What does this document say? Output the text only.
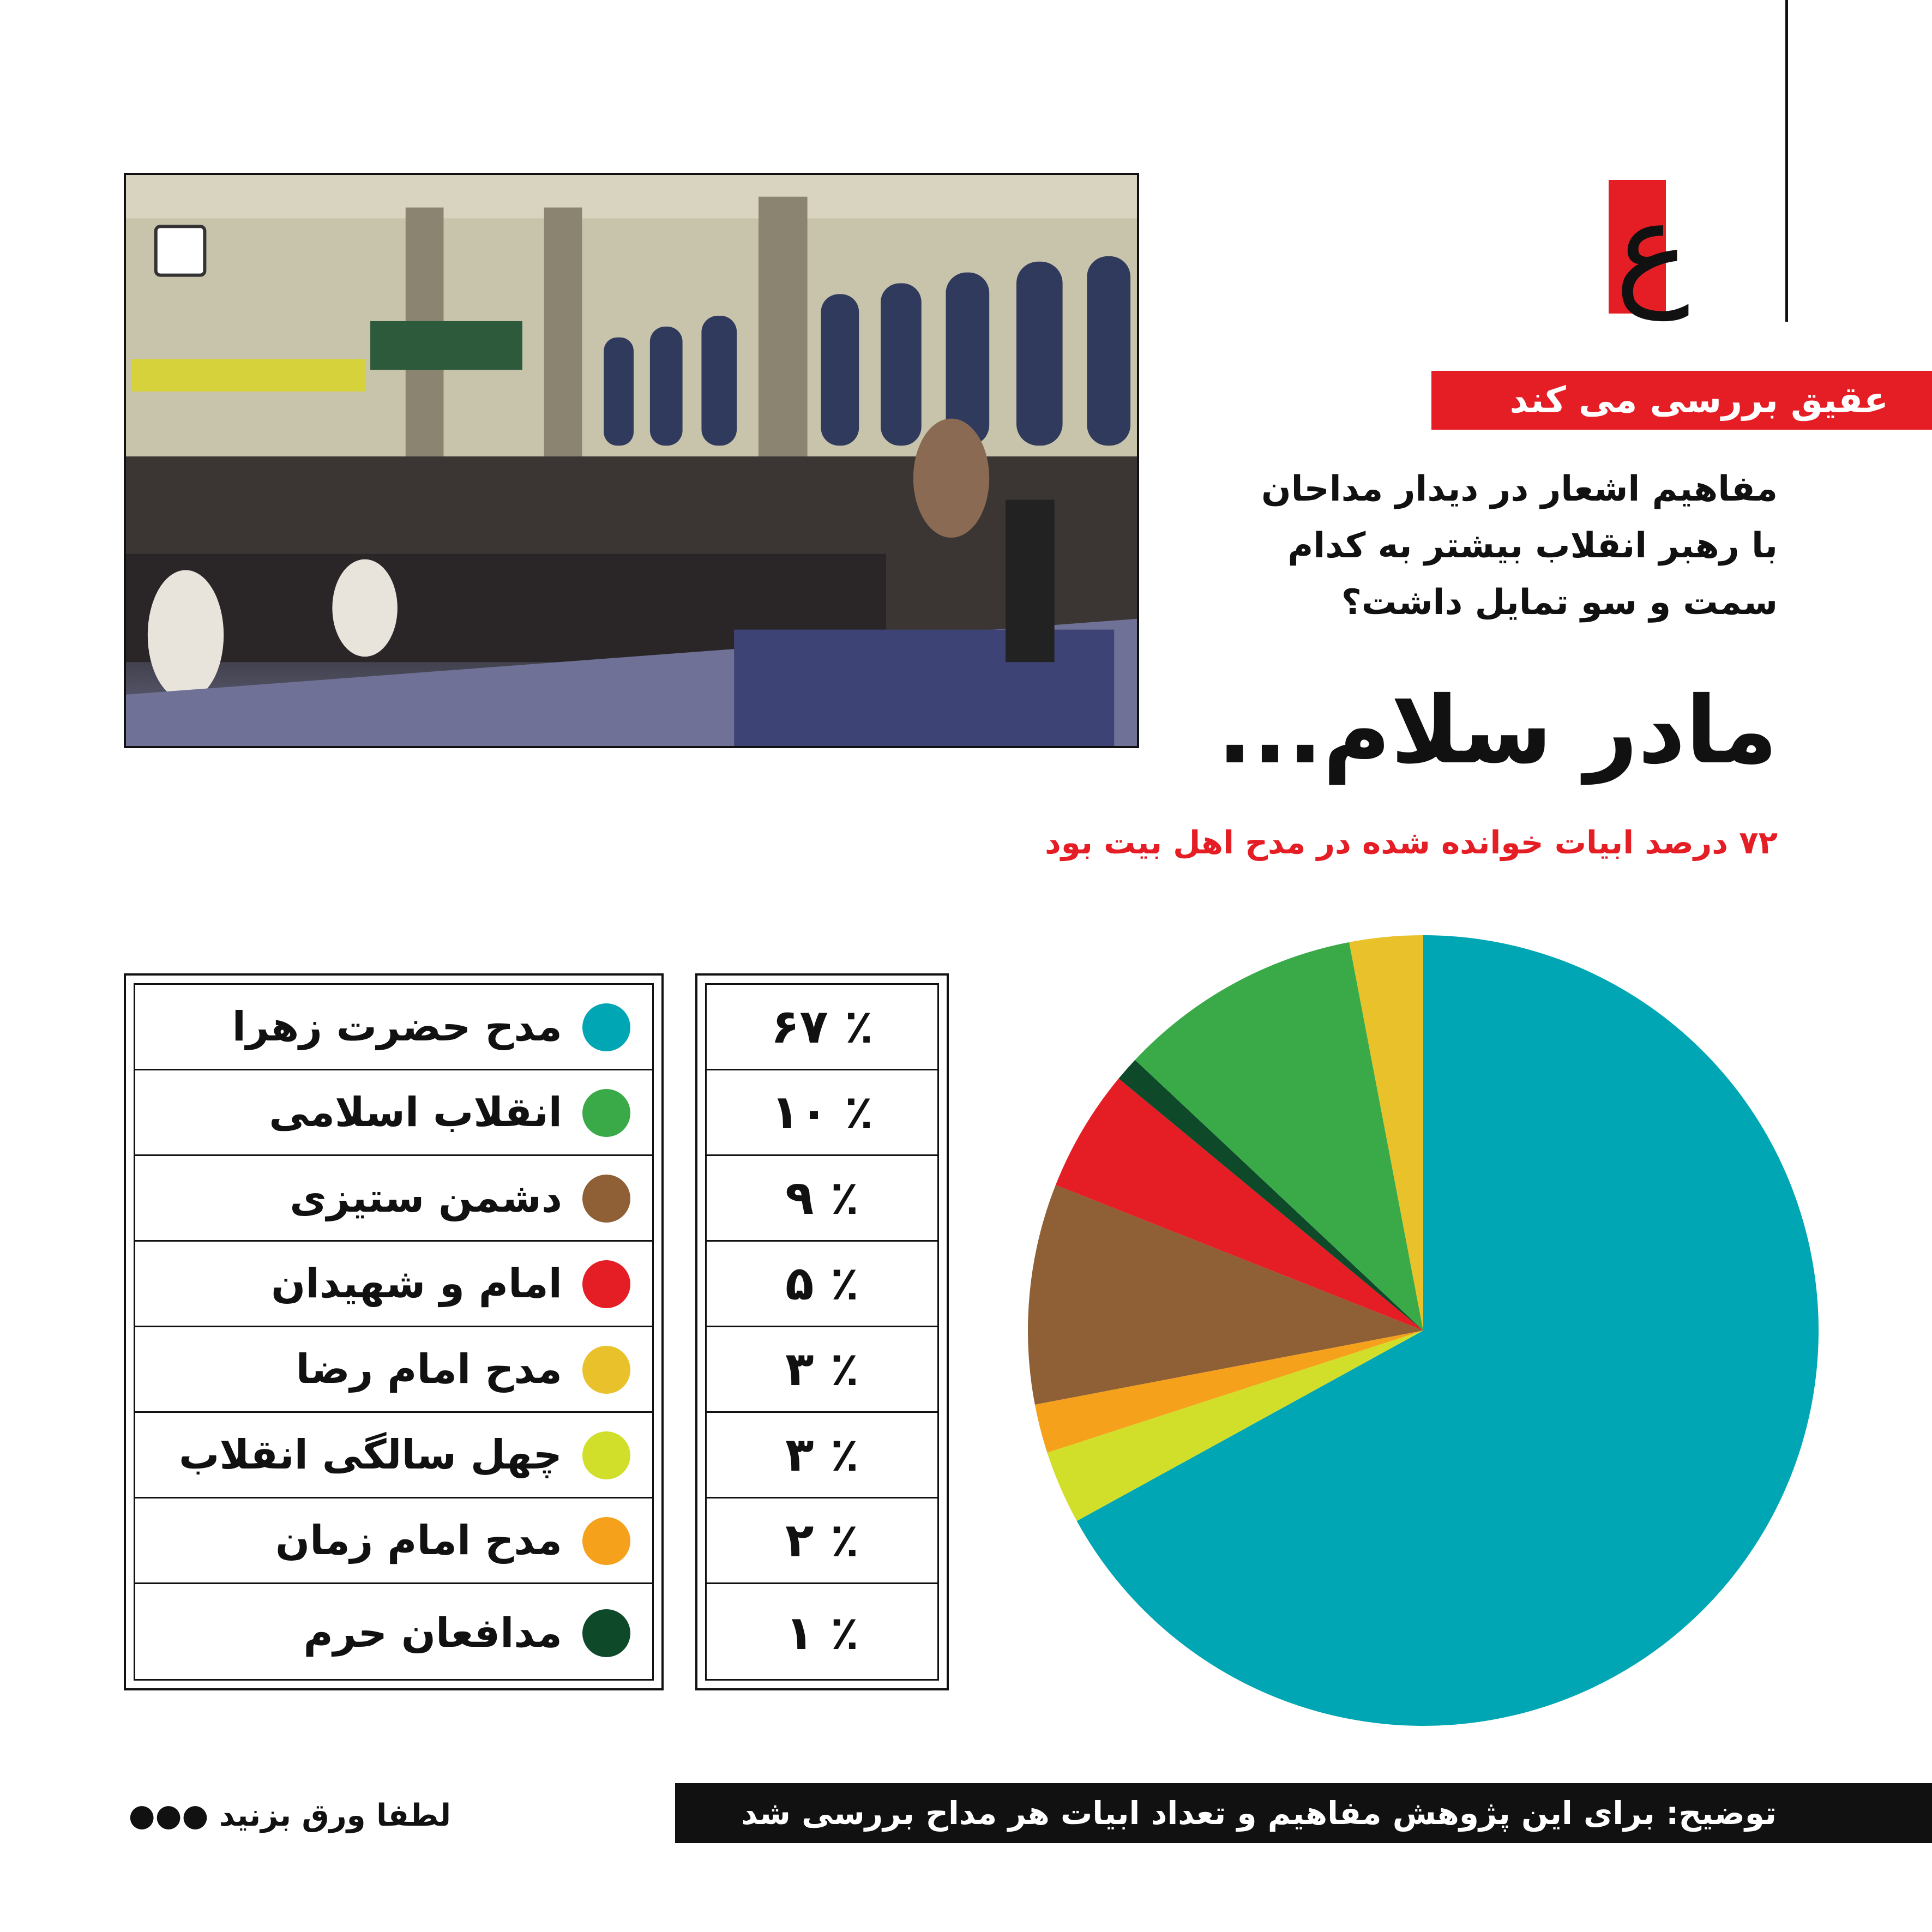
ﻉ
عقیق بررسی می کند
مفاهیم اشعار در دیدار مداحان
با رهبر انقلاب بیشتر به کدام
سمت و سو تمایل داشت؟
مادر سلام...
۷۲ درصد ابیات خوانده شده در مدح اهل بیت بود
مدح حضرت زهرا
انقلاب اسلامی
دشمن ستیزی
امام و شهیدان
مدح امام رضا
چهل سالگی انقلاب
مدح امام زمان
مدافعان حرم
٪ ۶۷
٪ ۱۰
٪ ۹
٪ ۵
٪ ۳
٪ ۳
٪ ۲
٪ ۱
توضیح: برای این پژوهش مفاهیم و تعداد ابیات هر مداح بررسی شد
لطفا ورق بزنید ●●●
